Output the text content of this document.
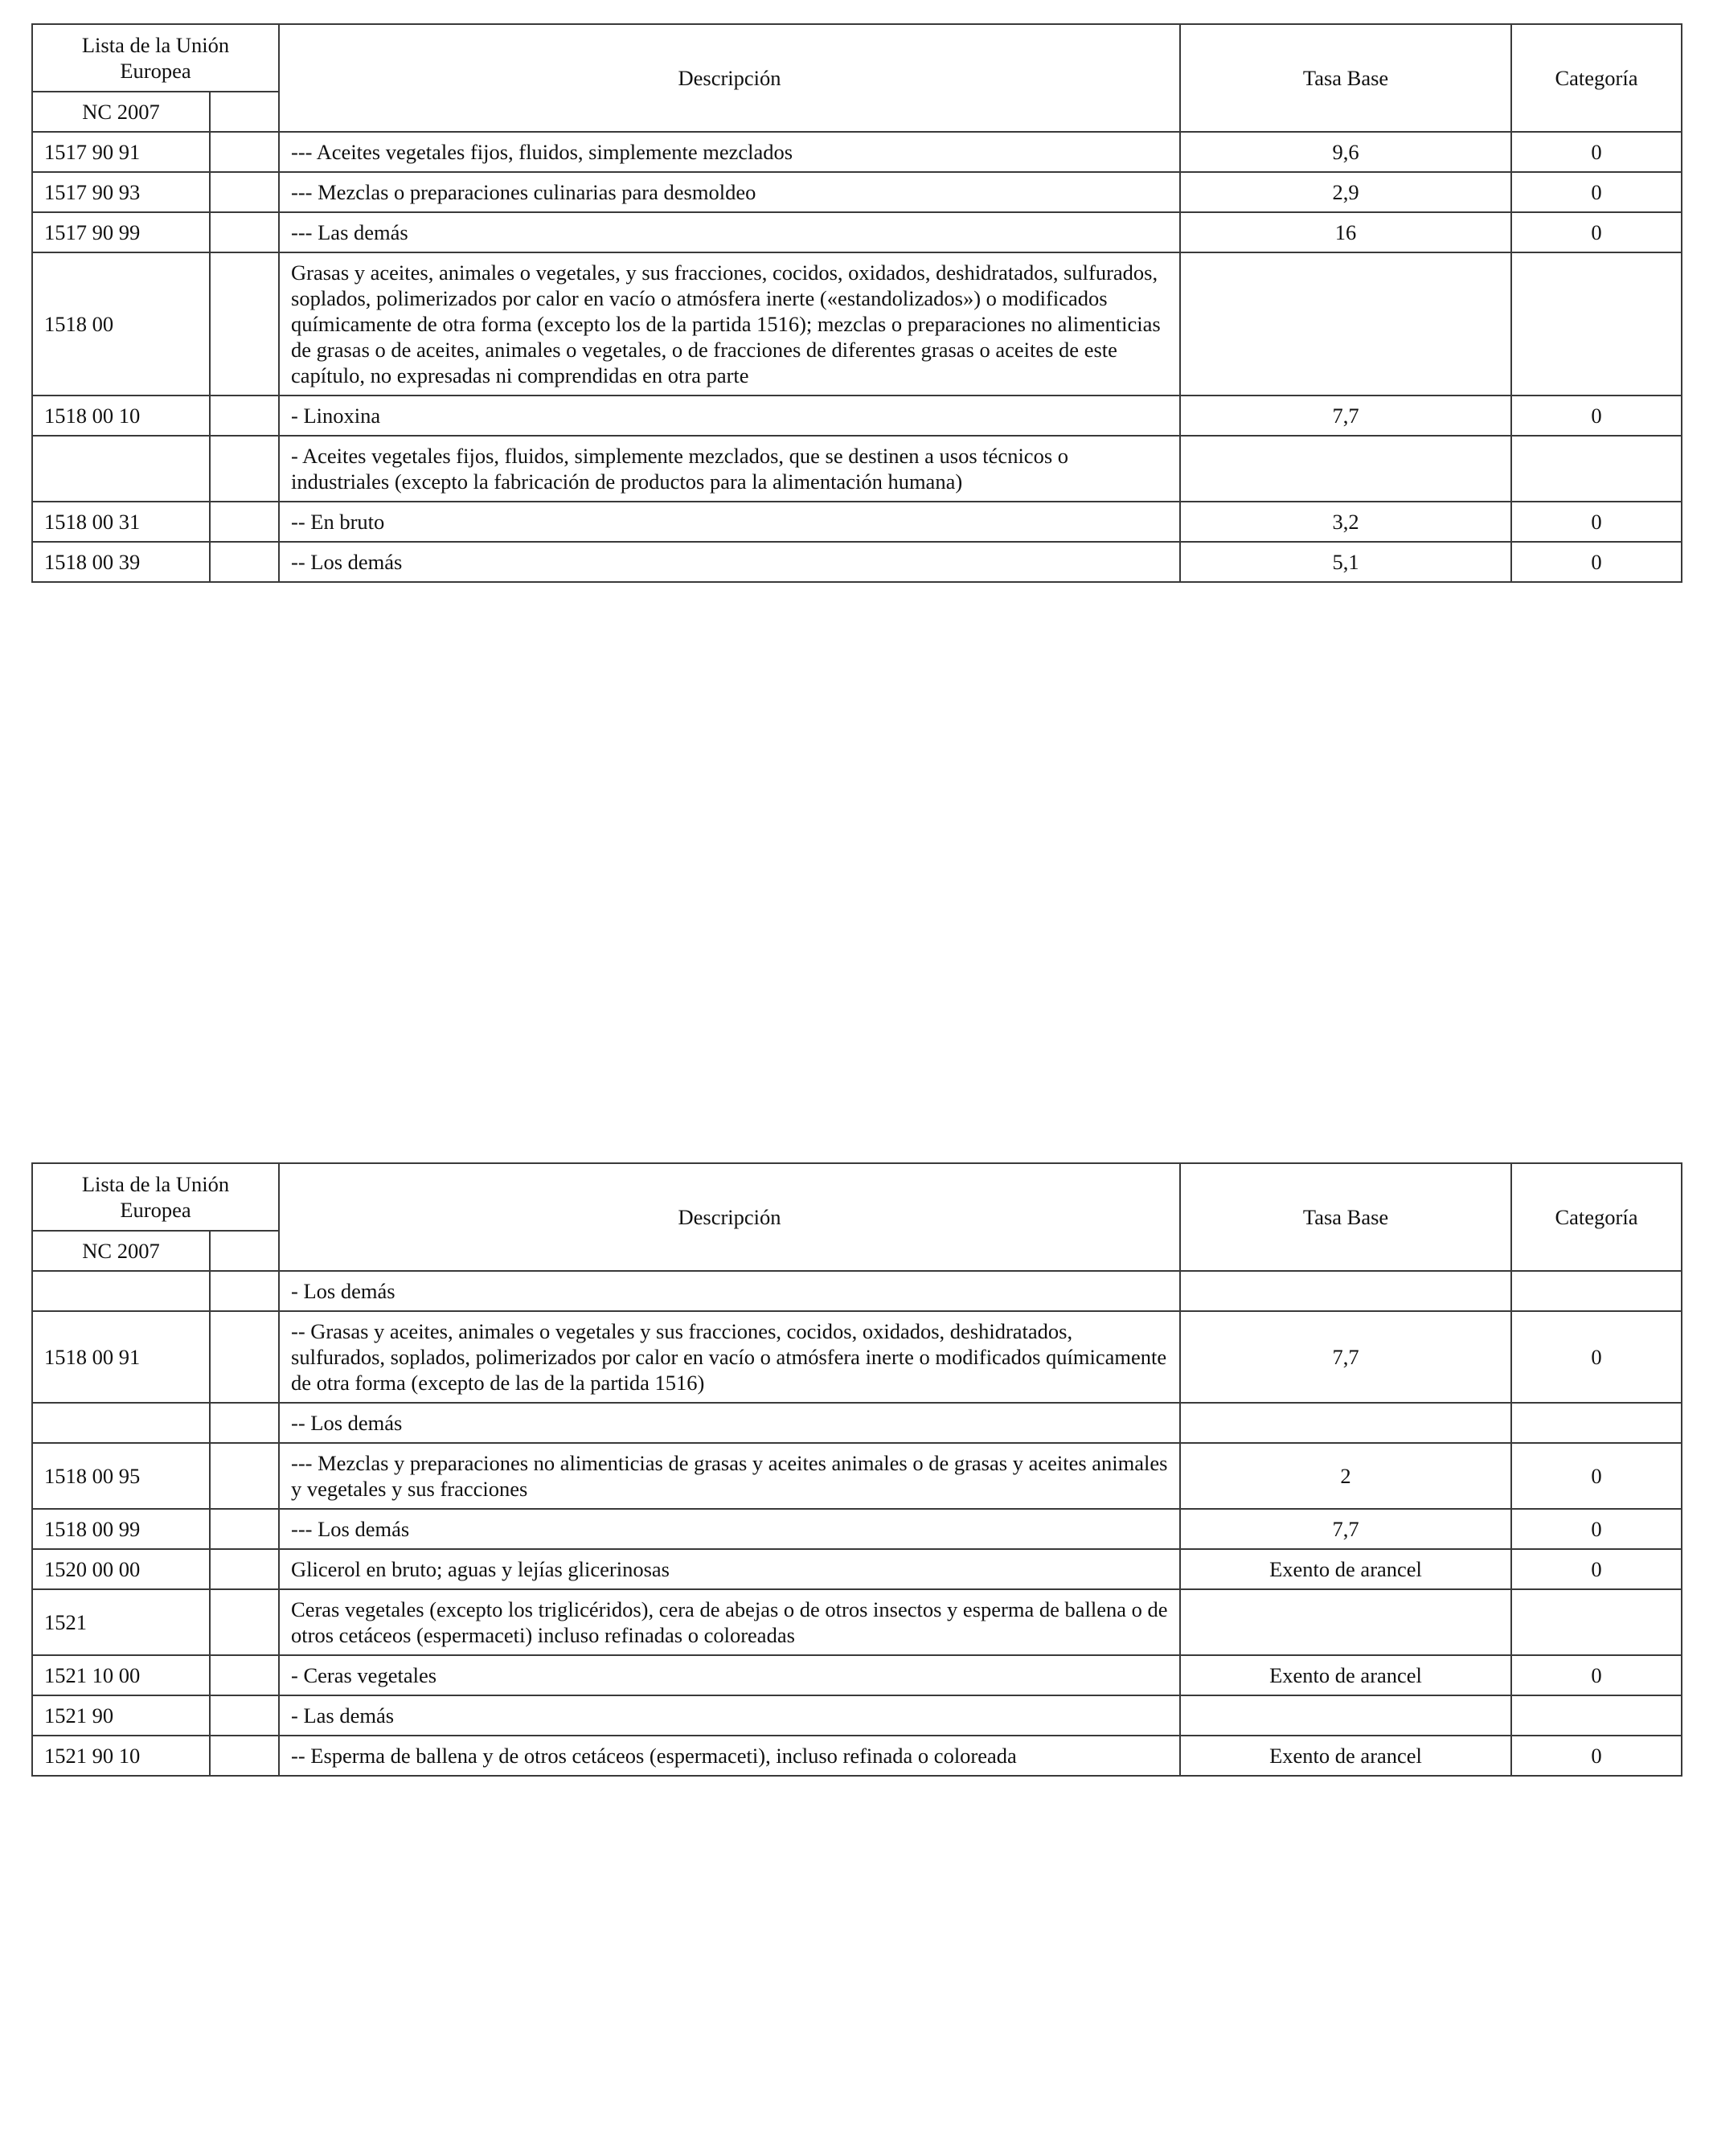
Lista de la Unión Europea		Descripción	Tasa Base	Categoría
NC 2007				
1517 90 91		--- Aceites vegetales fijos, fluidos, simplemente mezclados	9,6	0
1517 90 93		--- Mezclas o preparaciones culinarias para desmoldeo	2,9	0
1517 90 99		--- Las demás	16	0
1518 00		Grasas y aceites, animales o vegetales, y sus fracciones, cocidos, oxidados, deshidratados, sulfurados, soplados, polimerizados por calor en vacío o atmósfera inerte («estandolizados») o modificados químicamente de otra forma (excepto los de la partida 1516); mezclas o preparaciones no alimenticias de grasas o de aceites, animales o vegetales, o de fracciones de diferentes grasas o aceites de este capítulo, no expresadas ni comprendidas en otra parte		
1518 00 10		- Linoxina	7,7	0
		- Aceites vegetales fijos, fluidos, simplemente mezclados, que se destinen a usos técnicos o industriales (excepto la fabricación de productos para la alimentación humana)		
1518 00 31		-- En bruto	3,2	0
1518 00 39		-- Los demás	5,1	0
Lista de la Unión Europea		Descripción	Tasa Base	Categoría
NC 2007				
		- Los demás		
1518 00 91		-- Grasas y aceites, animales o vegetales y sus fracciones, cocidos, oxidados, deshidratados, sulfurados, soplados, polimerizados por calor en vacío o atmósfera inerte o modificados químicamente de otra forma (excepto de las de la partida 1516)	7,7	0
		-- Los demás		
1518 00 95		--- Mezclas y preparaciones no alimenticias de grasas y aceites animales o de grasas y aceites animales y vegetales y sus fracciones	2	0
1518 00 99		--- Los demás	7,7	0
1520 00 00		Glicerol en bruto; aguas y lejías glicerinosas	Exento de arancel	0
1521		Ceras vegetales (excepto los triglicéridos), cera de abejas o de otros insectos y esperma de ballena o de otros cetáceos (espermaceti) incluso refinadas o coloreadas		
1521 10 00		- Ceras vegetales	Exento de arancel	0
1521 90		- Las demás		
1521 90 10		-- Esperma de ballena y de otros cetáceos (espermaceti), incluso refinada o coloreada	Exento de arancel	0
